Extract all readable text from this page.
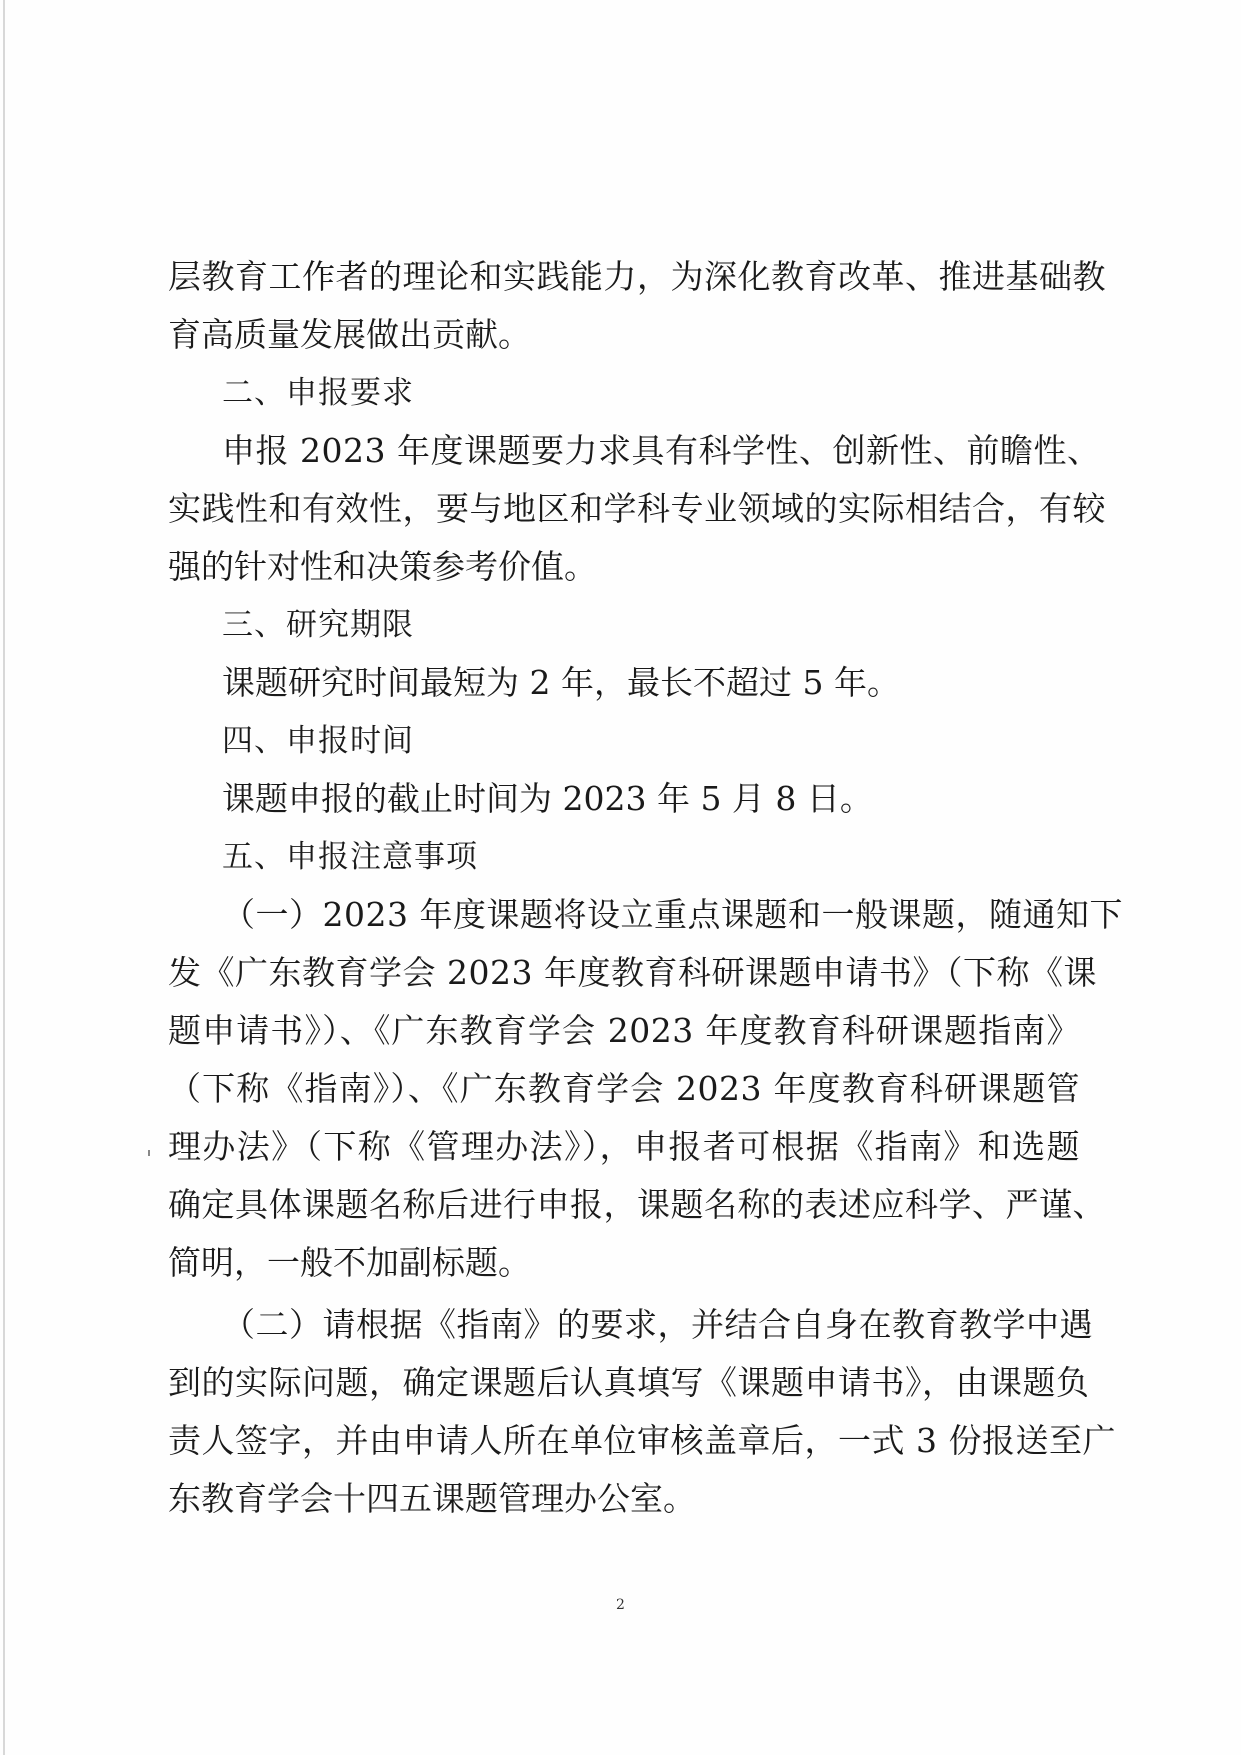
层教育工作者的理论和实践能力，为深化教育改革、推进基础教
育高质量发展做出贡献。
二、申报要求
申报 2023 年度课题要力求具有科学性、创新性、前瞻性、
实践性和有效性，要与地区和学科专业领域的实际相结合，有较
强的针对性和决策参考价值。
三、研究期限
课题研究时间最短为 2 年，最长不超过 5 年。
四、申报时间
课题申报的截止时间为 2023 年 5 月 8 日。
五、申报注意事项
（一）2023 年度课题将设立重点课题和一般课题，随通知下
发《广东教育学会 2023 年度教育科研课题申请书》（下称《课
题申请书》）、《广东教育学会 2023 年度教育科研课题指南》
（下称《指南》）、《广东教育学会 2023 年度教育科研课题管
理办法》（下称《管理办法》），申报者可根据《指南》和选题
确定具体课题名称后进行申报，课题名称的表述应科学、严谨、
简明，一般不加副标题。
（二）请根据《指南》的要求，并结合自身在教育教学中遇
到的实际问题，确定课题后认真填写《课题申请书》，由课题负
责人签字，并由申请人所在单位审核盖章后，一式 3 份报送至广
东教育学会十四五课题管理办公室。
2
